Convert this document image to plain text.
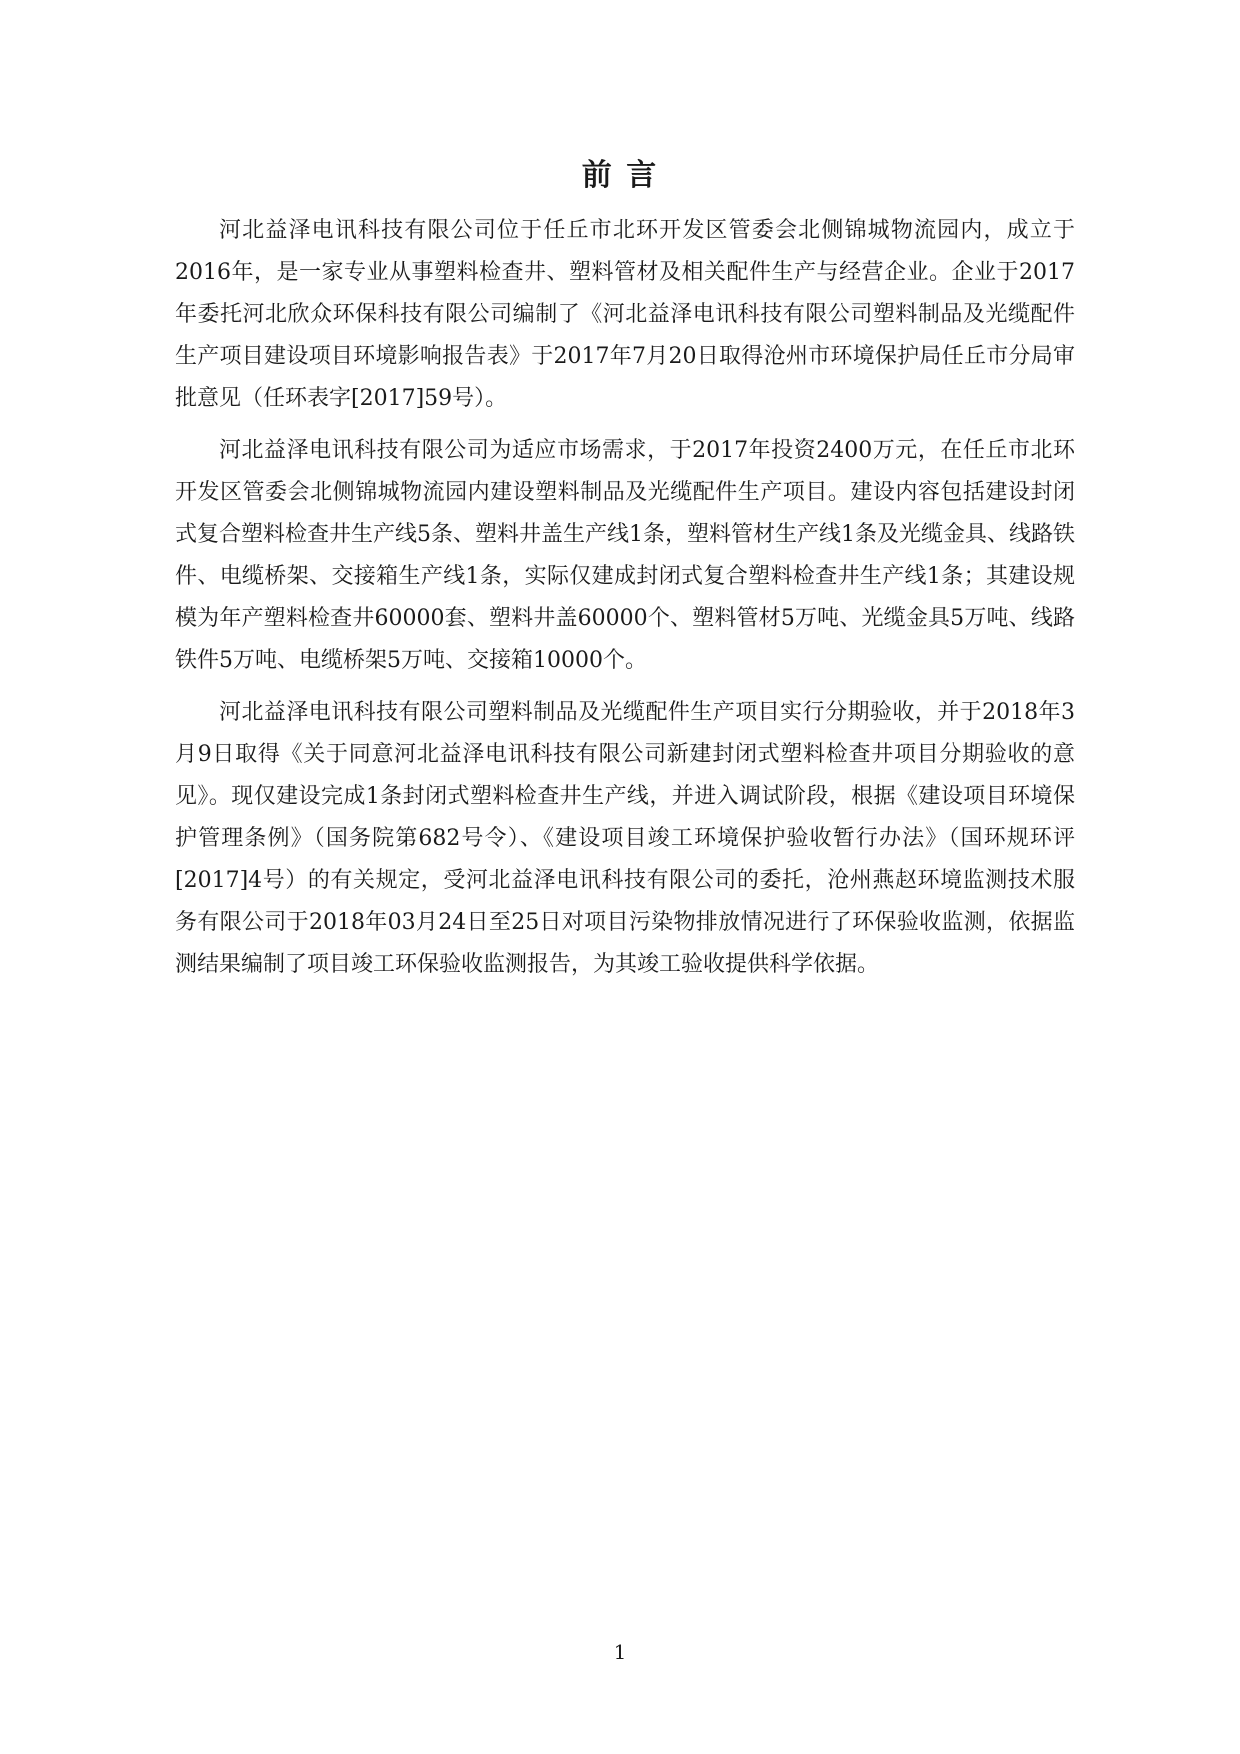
前 言

河北益泽电讯科技有限公司位于任丘市北环开发区管委会北侧锦城物流园内，成立于2016年，是一家专业从事塑料检查井、塑料管材及相关配件生产与经营企业。企业于2017年委托河北欣众环保科技有限公司编制了《河北益泽电讯科技有限公司塑料制品及光缆配件生产项目建设项目环境影响报告表》于2017年7月20日取得沧州市环境保护局任丘市分局审批意见（任环表字[2017]59号）。

河北益泽电讯科技有限公司为适应市场需求，于2017年投资2400万元，在任丘市北环开发区管委会北侧锦城物流园内建设塑料制品及光缆配件生产项目。建设内容包括建设封闭式复合塑料检查井生产线5条、塑料井盖生产线1条，塑料管材生产线1条及光缆金具、线路铁件、电缆桥架、交接箱生产线1条，实际仅建成封闭式复合塑料检查井生产线1条；其建设规模为年产塑料检查井60000套、塑料井盖60000个、塑料管材5万吨、光缆金具5万吨、线路铁件5万吨、电缆桥架5万吨、交接箱10000个。

河北益泽电讯科技有限公司塑料制品及光缆配件生产项目实行分期验收，并于2018年3月9日取得《关于同意河北益泽电讯科技有限公司新建封闭式塑料检查井项目分期验收的意见》。现仅建设完成1条封闭式塑料检查井生产线，并进入调试阶段，根据《建设项目环境保护管理条例》（国务院第682号令）、《建设项目竣工环境保护验收暂行办法》（国环规环评[2017]4号）的有关规定，受河北益泽电讯科技有限公司的委托，沧州燕赵环境监测技术服务有限公司于2018年03月24日至25日对项目污染物排放情况进行了环保验收监测，依据监测结果编制了项目竣工环保验收监测报告，为其竣工验收提供科学依据。

1
